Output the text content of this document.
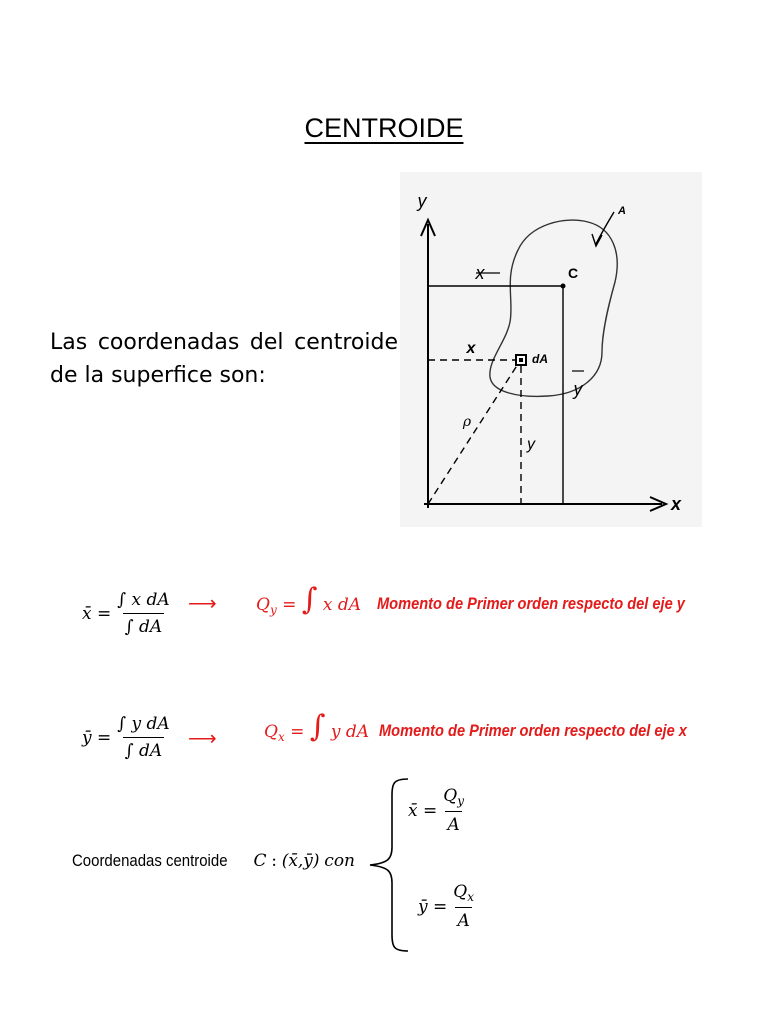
CENTROIDE
Las coordenadas del centroide de la superfice son:
y
x
A
C
x
y
x
y
dA
ρ
x̄ = $\frac{\text{∫ x dA}}{\int dA}$ ⟶ $Q_y$ = ∫ x dA Momento de Primer orden respecto del eje y
ȳ = $\frac{\text{∫ y dA}}{\int dA}$ ⟶	$Q_x$ = ∫ y dA Momento de Primer orden respecto del eje x
Coordenadas centroide C : (x̄,ȳ) con
x̄ = $\frac{Q_y}{A}$
ȳ = $\frac{Q_x}{A}$
